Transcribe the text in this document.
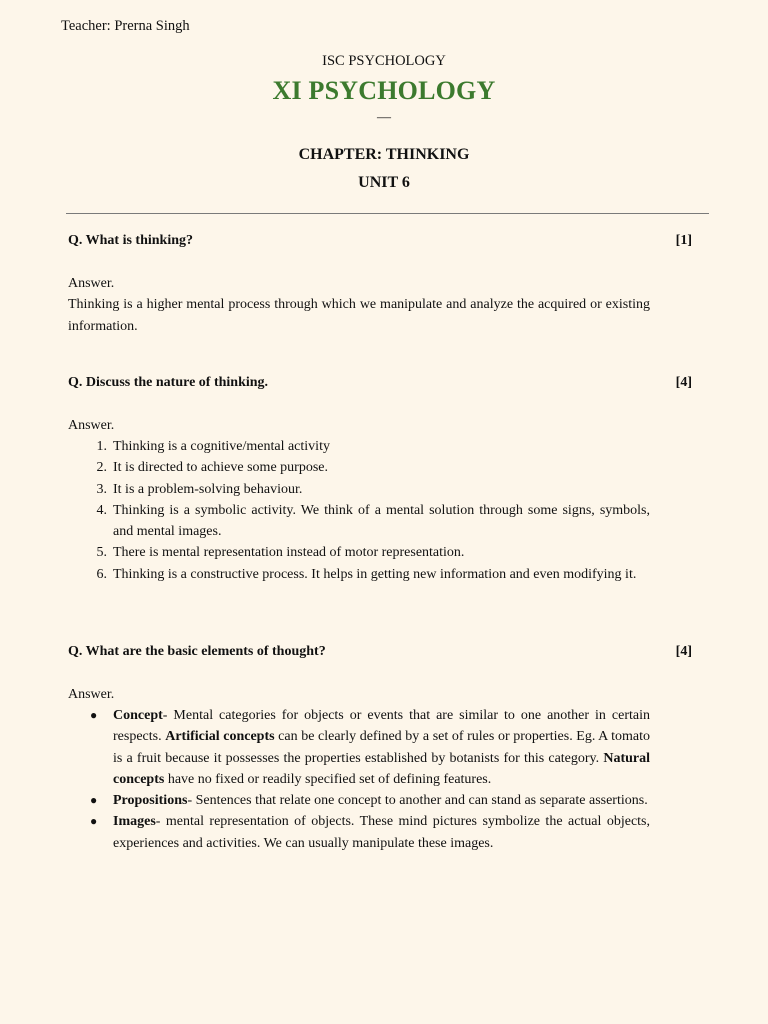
Teacher: Prerna Singh
ISC PSYCHOLOGY
XI PSYCHOLOGY
—
CHAPTER: THINKING
UNIT 6
Q. What is thinking?	[1]
Answer.
Thinking is a higher mental process through which we manipulate and analyze the acquired or existing information.
Q. Discuss the nature of thinking.	[4]
Answer.
1. Thinking is a cognitive/mental activity
2. It is directed to achieve some purpose.
3. It is a problem-solving behaviour.
4. Thinking is a symbolic activity. We think of a mental solution through some signs, symbols, and mental images.
5. There is mental representation instead of motor representation.
6. Thinking is a constructive process. It helps in getting new information and even modifying it.
Q. What are the basic elements of thought?	[4]
Answer.
● Concept- Mental categories for objects or events that are similar to one another in certain respects. Artificial concepts can be clearly defined by a set of rules or properties. Eg. A tomato is a fruit because it possesses the properties established by botanists for this category. Natural concepts have no fixed or readily specified set of defining features.
● Propositions- Sentences that relate one concept to another and can stand as separate assertions.
● Images- mental representation of objects. These mind pictures symbolize the actual objects, experiences and activities. We can usually manipulate these images.
